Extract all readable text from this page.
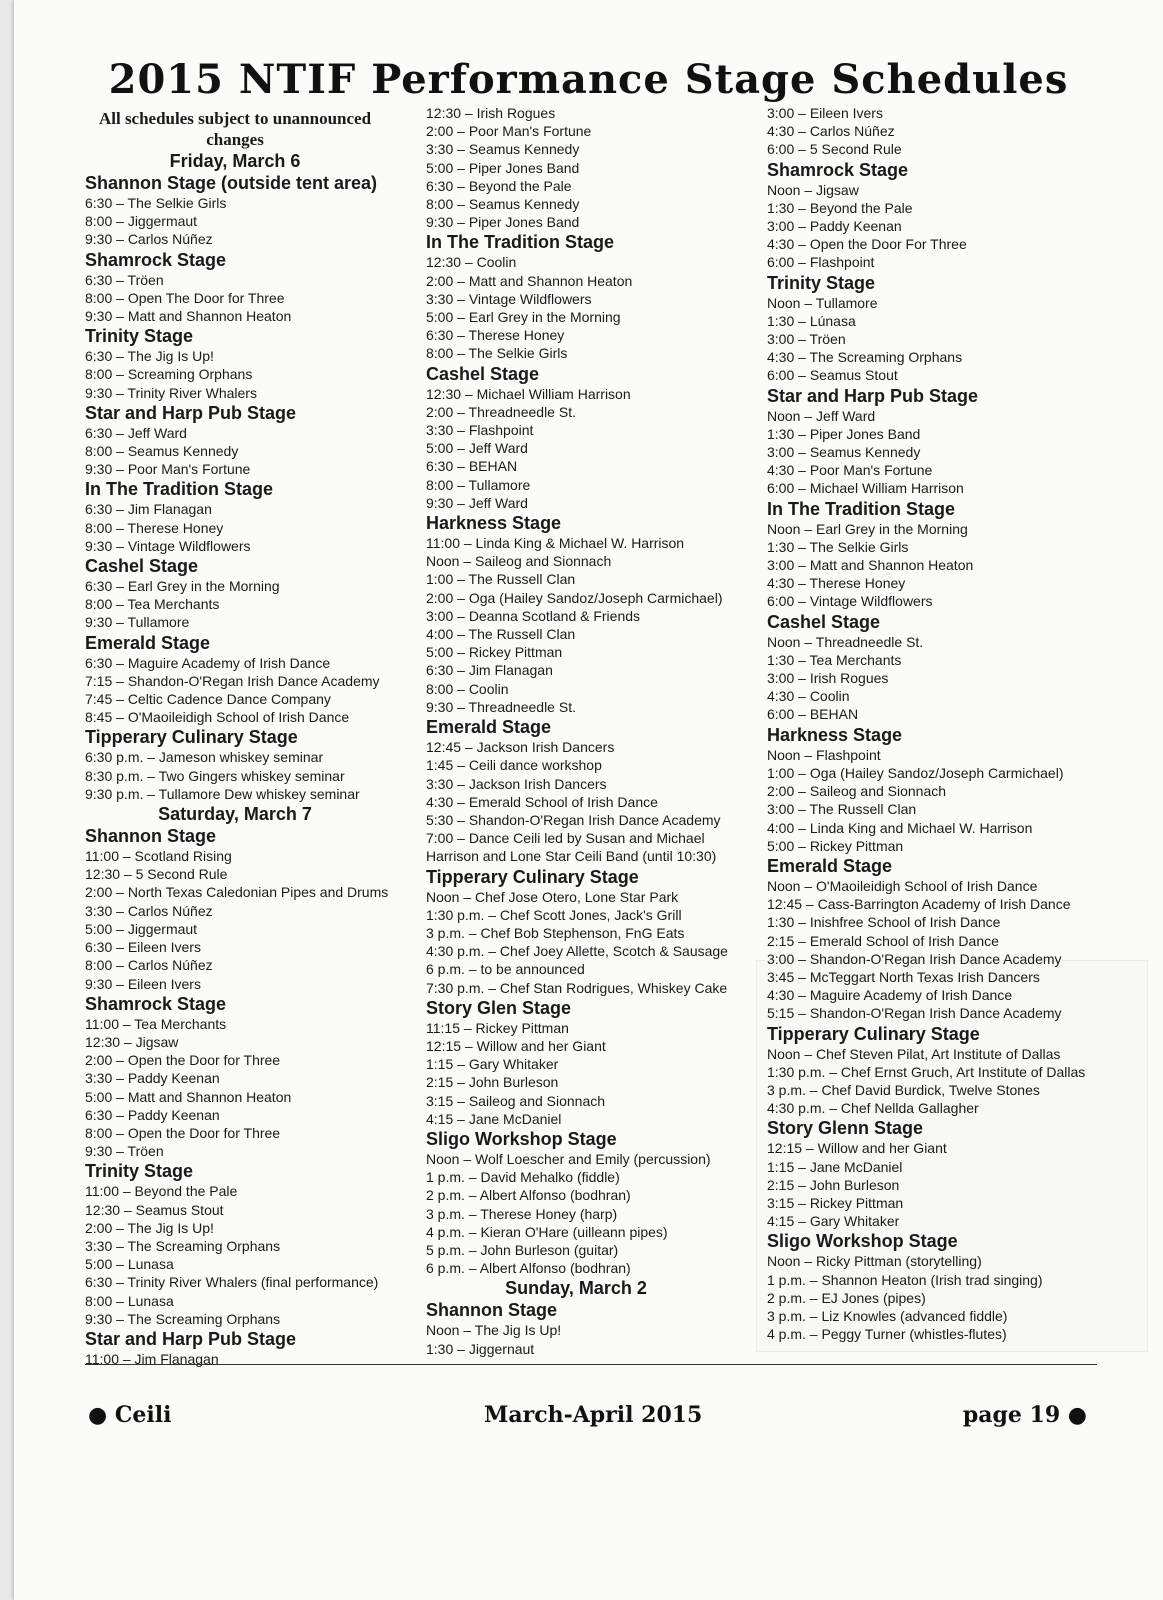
2015 NTIF Performance Stage Schedules
All schedules subject to unannounced changes
Friday, March 6
Shannon Stage (outside tent area)
6:30 – The Selkie Girls
8:00 – Jiggermaut
9:30 – Carlos Núñez
Shamrock Stage
6:30 – Tröen
8:00 – Open The Door for Three
9:30 – Matt and Shannon Heaton
Trinity Stage
6:30 – The Jig Is Up!
8:00 – Screaming Orphans
9:30 – Trinity River Whalers
Star and Harp Pub Stage
6:30 – Jeff Ward
8:00 – Seamus Kennedy
9:30 – Poor Man's Fortune
In The Tradition Stage
6:30 – Jim Flanagan
8:00 – Therese Honey
9:30 – Vintage Wildflowers
Cashel Stage
6:30 – Earl Grey in the Morning
8:00 – Tea Merchants
9:30 – Tullamore
Emerald Stage
6:30 – Maguire Academy of Irish Dance
7:15 – Shandon-O'Regan Irish Dance Academy
7:45 – Celtic Cadence Dance Company
8:45 – O'Maoileidigh School of Irish Dance
Tipperary Culinary Stage
6:30 p.m. – Jameson whiskey seminar
8:30 p.m. – Two Gingers whiskey seminar
9:30 p.m. – Tullamore Dew whiskey seminar
Saturday, March 7
Shannon Stage
11:00 – Scotland Rising
12:30 – 5 Second Rule
2:00 – North Texas Caledonian Pipes and Drums
3:30 – Carlos Núñez
5:00 – Jiggermaut
6:30 – Eileen Ivers
8:00 – Carlos Núñez
9:30 – Eileen Ivers
Shamrock Stage
11:00 – Tea Merchants
12:30 – Jigsaw
2:00 – Open the Door for Three
3:30 – Paddy Keenan
5:00 – Matt and Shannon Heaton
6:30 – Paddy Keenan
8:00 – Open the Door for Three
9:30 – Tröen
Trinity Stage
11:00 – Beyond the Pale
12:30 – Seamus Stout
2:00 – The Jig Is Up!
3:30 – The Screaming Orphans
5:00 – Lunasa
6:30 – Trinity River Whalers (final performance)
8:00 – Lunasa
9:30 – The Screaming Orphans
Star and Harp Pub Stage
11:00 – Jim Flanagan
12:30 – Irish Rogues
2:00 – Poor Man's Fortune
3:30 – Seamus Kennedy
5:00 – Piper Jones Band
6:30 – Beyond the Pale
8:00 – Seamus Kennedy
9:30 – Piper Jones Band
In The Tradition Stage
12:30 – Coolin
2:00 – Matt and Shannon Heaton
3:30 – Vintage Wildflowers
5:00 – Earl Grey in the Morning
6:30 – Therese Honey
8:00 – The Selkie Girls
Cashel Stage
12:30 – Michael William Harrison
2:00 – Threadneedle St.
3:30 – Flashpoint
5:00 – Jeff Ward
6:30 – BEHAN
8:00 – Tullamore
9:30 – Jeff Ward
Harkness Stage
11:00 – Linda King & Michael W. Harrison
Noon – Saileog and Sionnach
1:00 – The Russell Clan
2:00 – Oga (Hailey Sandoz/Joseph Carmichael)
3:00 – Deanna Scotland & Friends
4:00 – The Russell Clan
5:00 – Rickey Pittman
6:30 – Jim Flanagan
8:00 – Coolin
9:30 – Threadneedle St.
Emerald Stage
12:45 – Jackson Irish Dancers
1:45 – Ceili dance workshop
3:30 – Jackson Irish Dancers
4:30 – Emerald School of Irish Dance
5:30 – Shandon-O'Regan Irish Dance Academy
7:00 – Dance Ceili led by Susan and Michael
Harrison and Lone Star Ceili Band (until 10:30)
Tipperary Culinary Stage
Noon – Chef Jose Otero, Lone Star Park
1:30 p.m. – Chef Scott Jones, Jack's Grill
3 p.m. – Chef Bob Stephenson, FnG Eats
4:30 p.m. – Chef Joey Allette, Scotch & Sausage
6 p.m. – to be announced
7:30 p.m. – Chef Stan Rodrigues, Whiskey Cake
Story Glen Stage
11:15 – Rickey Pittman
12:15 – Willow and her Giant
1:15 – Gary Whitaker
2:15 – John Burleson
3:15 – Saileog and Sionnach
4:15 – Jane McDaniel
Sligo Workshop Stage
Noon – Wolf Loescher and Emily (percussion)
1 p.m. – David Mehalko (fiddle)
2 p.m. – Albert Alfonso (bodhran)
3 p.m. – Therese Honey (harp)
4 p.m. – Kieran O'Hare (uilleann pipes)
5 p.m. – John Burleson (guitar)
6 p.m. – Albert Alfonso (bodhran)
Sunday, March 2
Shannon Stage
Noon – The Jig Is Up!
1:30 – Jiggernaut
3:00 – Eileen Ivers
4:30 – Carlos Núñez
6:00 – 5 Second Rule
Shamrock Stage
Noon – Jigsaw
1:30 – Beyond the Pale
3:00 – Paddy Keenan
4:30 – Open the Door For Three
6:00 – Flashpoint
Trinity Stage
Noon – Tullamore
1:30 – Lúnasa
3:00 – Tröen
4:30 – The Screaming Orphans
6:00 – Seamus Stout
Star and Harp Pub Stage
Noon – Jeff Ward
1:30 – Piper Jones Band
3:00 – Seamus Kennedy
4:30 – Poor Man's Fortune
6:00 – Michael William Harrison
In The Tradition Stage
Noon – Earl Grey in the Morning
1:30 – The Selkie Girls
3:00 – Matt and Shannon Heaton
4:30 – Therese Honey
6:00 – Vintage Wildflowers
Cashel Stage
Noon – Threadneedle St.
1:30 – Tea Merchants
3:00 – Irish Rogues
4:30 – Coolin
6:00 – BEHAN
Harkness Stage
Noon – Flashpoint
1:00 – Oga (Hailey Sandoz/Joseph Carmichael)
2:00 – Saileog and Sionnach
3:00 – The Russell Clan
4:00 – Linda King and Michael W. Harrison
5:00 – Rickey Pittman
Emerald Stage
Noon – O'Maoileidigh School of Irish Dance
12:45 – Cass-Barrington Academy of Irish Dance
1:30 – Inishfree School of Irish Dance
2:15 – Emerald School of Irish Dance
3:00 – Shandon-O'Regan Irish Dance Academy
3:45 – McTeggart North Texas Irish Dancers
4:30 – Maguire Academy of Irish Dance
5:15 – Shandon-O'Regan Irish Dance Academy
Tipperary Culinary Stage
Noon – Chef Steven Pilat, Art Institute of Dallas
1:30 p.m. – Chef Ernst Gruch, Art Institute of Dallas
3 p.m. – Chef David Burdick, Twelve Stones
4:30 p.m. – Chef Nellda Gallagher
Story Glenn Stage
12:15 – Willow and her Giant
1:15 – Jane McDaniel
2:15 – John Burleson
3:15 – Rickey Pittman
4:15 – Gary Whitaker
Sligo Workshop Stage
Noon – Ricky Pittman (storytelling)
1 p.m. – Shannon Heaton (Irish trad singing)
2 p.m. – EJ Jones (pipes)
3 p.m. – Liz Knowles (advanced fiddle)
4 p.m. – Peggy Turner (whistles-flutes)
● Ceili	March-April 2015	page 19 ●
